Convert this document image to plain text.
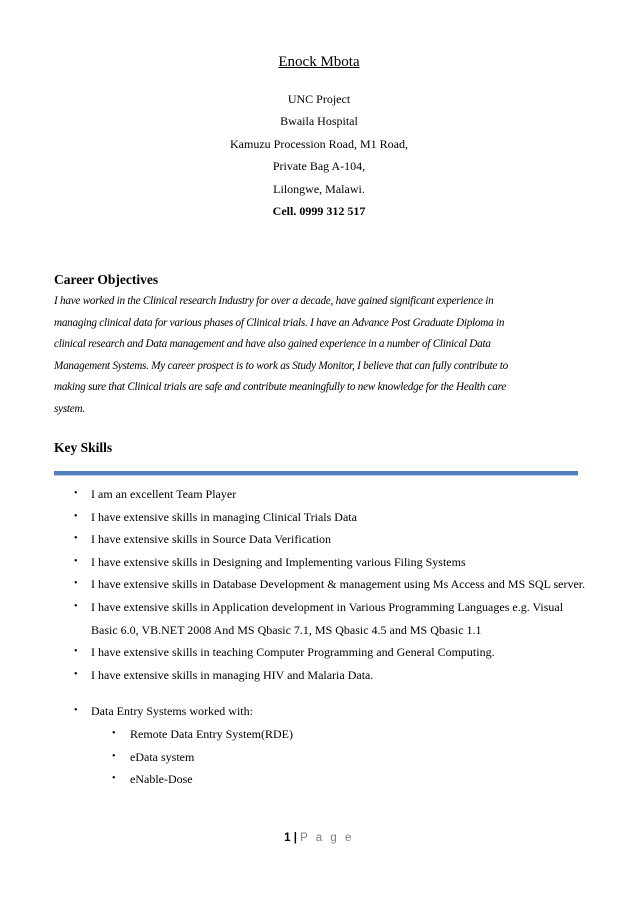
Enock Mbota
UNC Project
Bwaila Hospital
Kamuzu Procession Road, M1 Road,
Private Bag A-104,
Lilongwe, Malawi.
Cell. 0999 312 517
Career Objectives
I have worked in the Clinical research Industry for over a decade, have gained significant experience in
managing clinical data for various phases of Clinical trials. I have an Advance Post Graduate Diploma in
clinical research and Data management and have also gained experience in a number of Clinical Data
Management Systems. My career prospect is to work as Study Monitor, I believe that can fully contribute to
making sure that Clinical trials are safe and contribute meaningfully to new knowledge for the Health care
system.
Key Skills
• I am an excellent Team Player
• I have extensive skills in managing Clinical Trials Data
• I have extensive skills in Source Data Verification
• I have extensive skills in Designing and Implementing various Filing Systems
• I have extensive skills in Database Development & management using Ms Access and MS SQL server.
• I have extensive skills in Application development in Various Programming Languages e.g. Visual Basic 6.0, VB.NET 2008 And MS Qbasic 7.1, MS Qbasic 4.5 and MS Qbasic 1.1
• I have extensive skills in teaching Computer Programming and General Computing.
• I have extensive skills in managing HIV and Malaria Data.
• Data Entry Systems worked with:
• Remote Data Entry System(RDE)
• eData system
• eNable-Dose
1 | P a g e
